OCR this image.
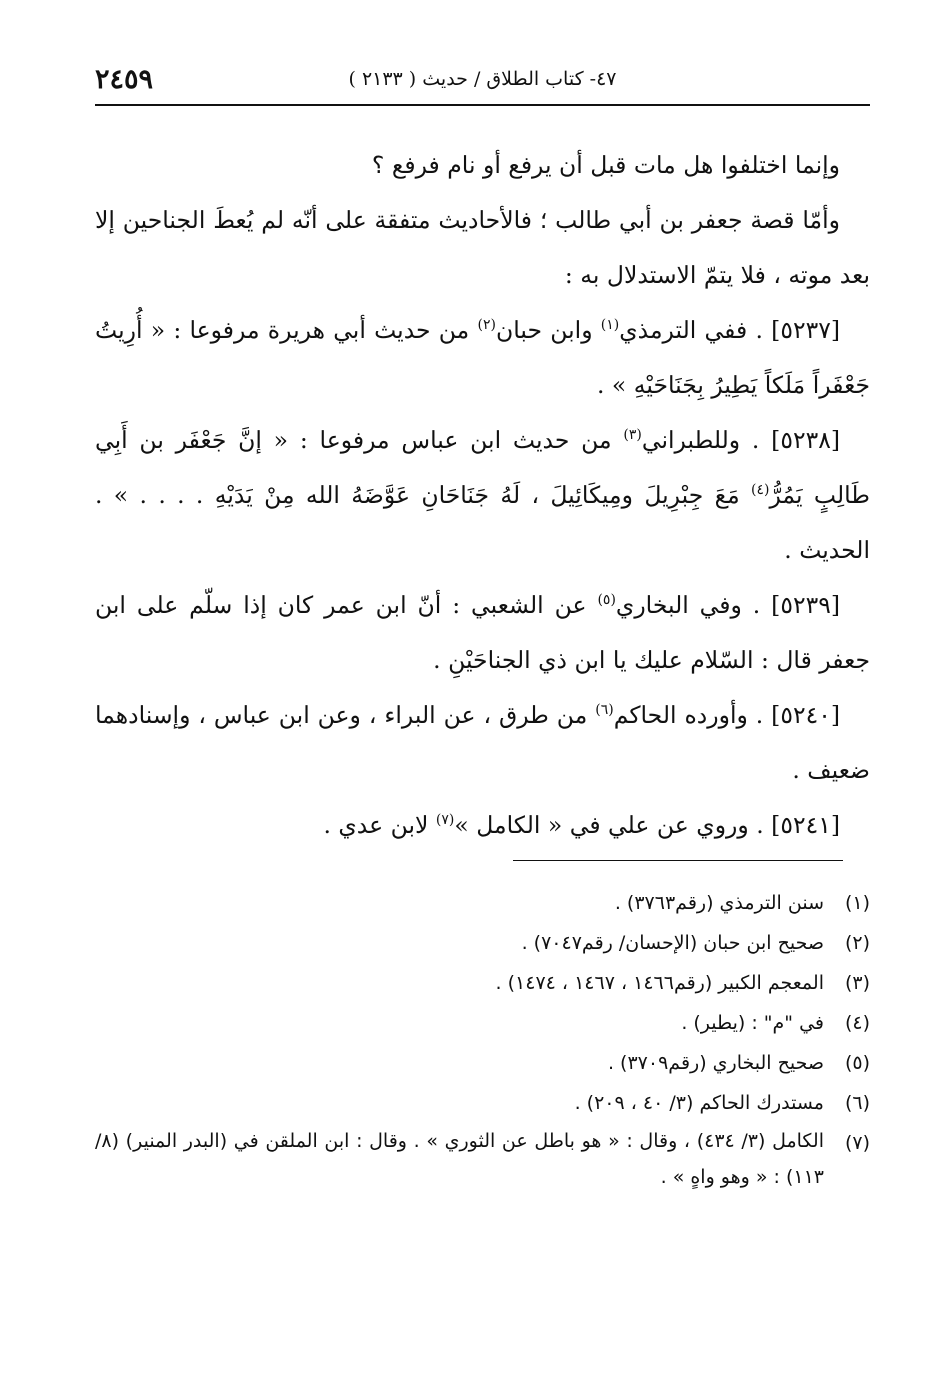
٤٧- كتاب الطلاق / حديث ( ٢١٣٣ )
٢٤٥٩

وإنما اختلفوا هل مات قبل أن يرفع أو نام فرفع ؟

وأمّا قصة جعفر بن أبي طالب ؛ فالأحاديث متفقة على أنّه لم يُعطَ الجناحين إلا بعد موته ، فلا يتمّ الاستدلال به :

[٥٢٣٧] . ففي الترمذي$^{(١)}$ وابن حبان$^{(٢)}$ من حديث أبي هريرة مرفوعا : « أُرِيتُ جَعْفَراً مَلَكاً يَطِيرُ بِجَنَاحَيْهِ » .

[٥٢٣٨] . وللطبراني$^{(٣)}$ من حديث ابن عباس مرفوعا : « إنَّ جَعْفَر بن أَبِي طَالِبٍ يَمُرُّ$^{(٤)}$ مَعَ جِبْرِيلَ ومِيكَائِيلَ ، لَهُ جَنَاحَانِ عَوَّضَهُ الله مِنْ يَدَيْهِ . . . . » . الحديث .

[٥٢٣٩] . وفي البخاري$^{(٥)}$ عن الشعبي : أنّ ابن عمر كان إذا سلّم على ابن جعفر قال : السّلام عليك يا ابن ذي الجناحَيْنِ .

[٥٢٤٠] . وأورده الحاكم$^{(٦)}$ من طرق ، عن البراء ، وعن ابن عباس ، وإسنادهما ضعيف .

[٥٢٤١] . وروي عن علي في « الكامل »$^{(٧)}$ لابن عدي .

(١)
سنن الترمذي (رقم٣٧٦٣) .
(٢)
صحيح ابن حبان (الإحسان/ رقم٧٠٤٧) .
(٣)
المعجم الكبير (رقم١٤٦٦ ، ١٤٦٧ ، ١٤٧٤) .
(٤)
في "م" : (يطير) .
(٥)
صحيح البخاري (رقم٣٧٠٩) .
(٦)
مستدرك الحاكم (٣/ ٤٠ ، ٢٠٩) .
(٧)
الكامل (٣/ ٤٣٤) ، وقال : « هو باطل عن الثوري » . وقال : ابن الملقن في (البدر المنير) (٨/ ١١٣) : « وهو واهٍ » .
